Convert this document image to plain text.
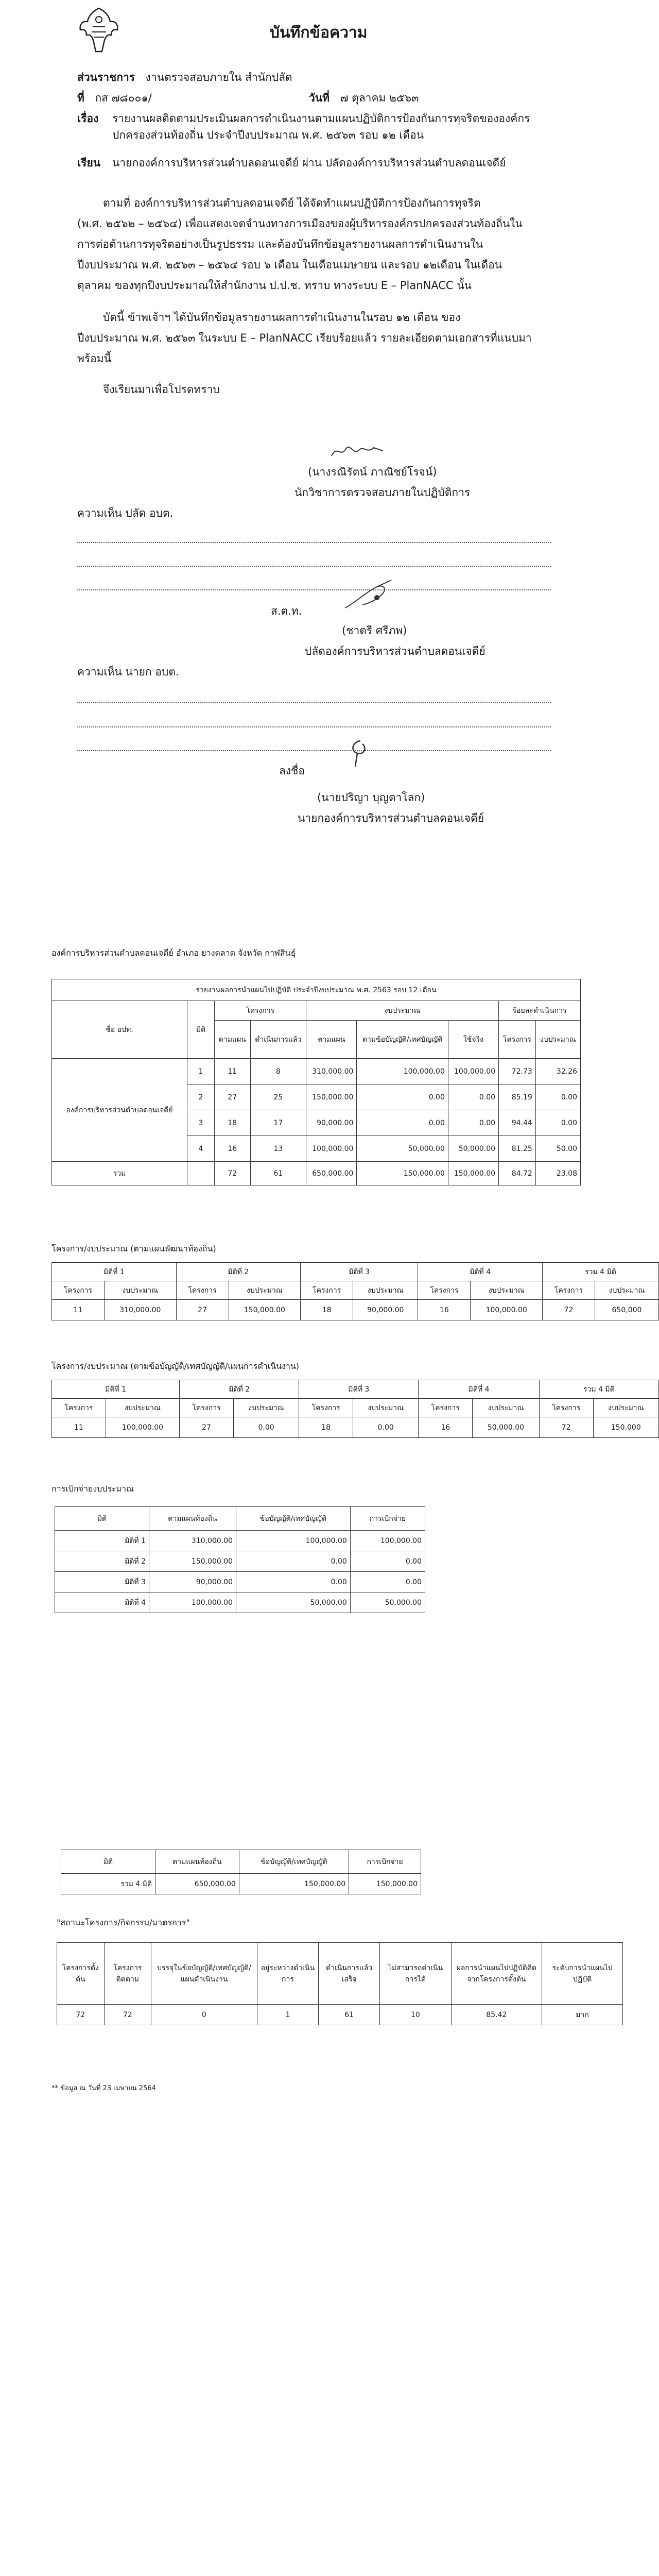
บันทึกข้อความ
ส่วนราชการ งานตรวจสอบภายใน สำนักปลัด
ที่ กส ๗๘๐๐๑/	วันที่ ๗ ตุลาคม ๒๕๖๓
เรื่อง รายงานผลติดตามประเมินผลการดำเนินงานตามแผนปฏิบัติการป้องกันการทุจริตขององค์กร
ปกครองส่วนท้องถิ่น ประจำปีงบประมาณ พ.ศ. ๒๕๖๓ รอบ ๑๒ เดือน
เรียน นายกองค์การบริหารส่วนตำบลดอนเจดีย์ ผ่าน ปลัดองค์การบริหารส่วนตำบลดอนเจดีย์
ตามที่ องค์การบริหารส่วนตำบลดอนเจดีย์ ได้จัดทำแผนปฏิบัติการป้องกันการทุจริต
(พ.ศ. ๒๕๖๒ – ๒๕๖๔) เพื่อแสดงเจตจำนงทางการเมืองของผู้บริหารองค์กรปกครองส่วนท้องถิ่นใน
การต่อต้านการทุจริตอย่างเป็นรูปธรรม และต้องบันทึกข้อมูลรายงานผลการดำเนินงานใน
ปีงบประมาณ พ.ศ. ๒๕๖๓ – ๒๕๖๔ รอบ ๖ เดือน ในเดือนเมษายน และรอบ ๑๒เดือน ในเดือน
ตุลาคม ของทุกปีงบประมาณให้สำนักงาน ป.ป.ช. ทราบ ทางระบบ E – PlanNACC นั้น
บัดนี้ ข้าพเจ้าฯ ได้บันทึกข้อมูลรายงานผลการดำเนินงานในรอบ ๑๒ เดือน ของ
ปีงบประมาณ พ.ศ. ๒๕๖๓ ในระบบ E – PlanNACC เรียบร้อยแล้ว รายละเอียดตามเอกสารที่แนบมา
พร้อมนี้
จึงเรียนมาเพื่อโปรดทราบ
(นางรณิรัตน์ ภาณิชย์โรจน์)
นักวิชาการตรวจสอบภายในปฏิบัติการ
ความเห็น ปลัด อบต.
ส.ต.ท.
(ชาตรี ศรีภพ)
ปลัดองค์การบริหารส่วนตำบลดอนเจดีย์
ความเห็น นายก อบต.
ลงชื่อ
(นายปริญา บุญตาโลก)
นายกองค์การบริหารส่วนตำบลดอนเจดีย์
องค์การบริหารส่วนตำบลดอนเจดีย์ อำเภอ ยางตลาด จังหวัด กาฬสินธุ์
รายงานผลการนำแผนไปปฏิบัติ ประจำปีงบประมาณ พ.ศ. 2563 รอบ 12 เดือน								
ชื่อ อปท.	มิติ	โครงการ		งบประมาณ			ร้อยละดำเนินการ	
		ตามแผน	ดำเนินการแล้ว	ตามแผน	ตามข้อบัญญัติ/เทศบัญญัติ	ใช้จริง	โครงการ	งบประมาณ
องค์การบริหารส่วนตำบลดอนเจดีย์	1	11	8	310,000.00	100,000.00	100,000.00	72.73	32.26
	2	27	25	150,000.00	0.00	0.00	85.19	0.00
	3	18	17	90,000.00	0.00	0.00	94.44	0.00
	4	16	13	100,000.00	50,000.00	50,000.00	81.25	50.00
รวม		72	61	650,000.00	150,000.00	150,000.00	84.72	23.08
โครงการ/งบประมาณ (ตามแผนพัฒนาท้องถิ่น)
มิติที่ 1		มิติที่ 2		มิติที่ 3		มิติที่ 4		รวม 4 มิติ	
โครงการ	งบประมาณ	โครงการ	งบประมาณ	โครงการ	งบประมาณ	โครงการ	งบประมาณ	โครงการ	งบประมาณ
11	310,000.00	27	150,000.00	18	90,000.00	16	100,000.00	72	650,000
โครงการ/งบประมาณ (ตามข้อบัญญัติ/เทศบัญญัติ/แผนการดำเนินงาน)
มิติที่ 1		มิติที่ 2		มิติที่ 3		มิติที่ 4		รวม 4 มิติ	
โครงการ	งบประมาณ	โครงการ	งบประมาณ	โครงการ	งบประมาณ	โครงการ	งบประมาณ	โครงการ	งบประมาณ
11	100,000.00	27	0.00	18	0.00	16	50,000.00	72	150,000
การเบิกจ่ายงบประมาณ
มิติ	ตามแผนท้องถิ่น	ข้อบัญญัติ/เทศบัญญัติ	การเบิกจ่าย
มิติที่ 1	310,000.00	100,000.00	100,000.00
มิติที่ 2	150,000.00	0.00	0.00
มิติที่ 3	90,000.00	0.00	0.00
มิติที่ 4	100,000.00	50,000.00	50,000.00
มิติ	ตามแผนท้องถิ่น	ข้อบัญญัติ/เทศบัญญัติ	การเบิกจ่าย
รวม 4 มิติ	650,000.00	150,000.00	150,000.00
"สถานะโครงการ/กิจกรรม/มาตรการ"
โครงการตั้งต้น	โครงการติดตาม	บรรจุในข้อบัญญัติ/เทศบัญญัติ/แผนดำเนินงาน	อยู่ระหว่างดำเนินการ	ดำเนินการแล้วเสร็จ	ไม่สามารถดำเนินการได้	ผลการนำแผนไปปฏิบัติคิดจากโครงการตั้งต้น	ระดับการนำแผนไปปฏิบัติ
72	72	0	1	61	10	85.42	มาก
** ข้อมูล ณ วันที่ 23 เมษายน 2564
